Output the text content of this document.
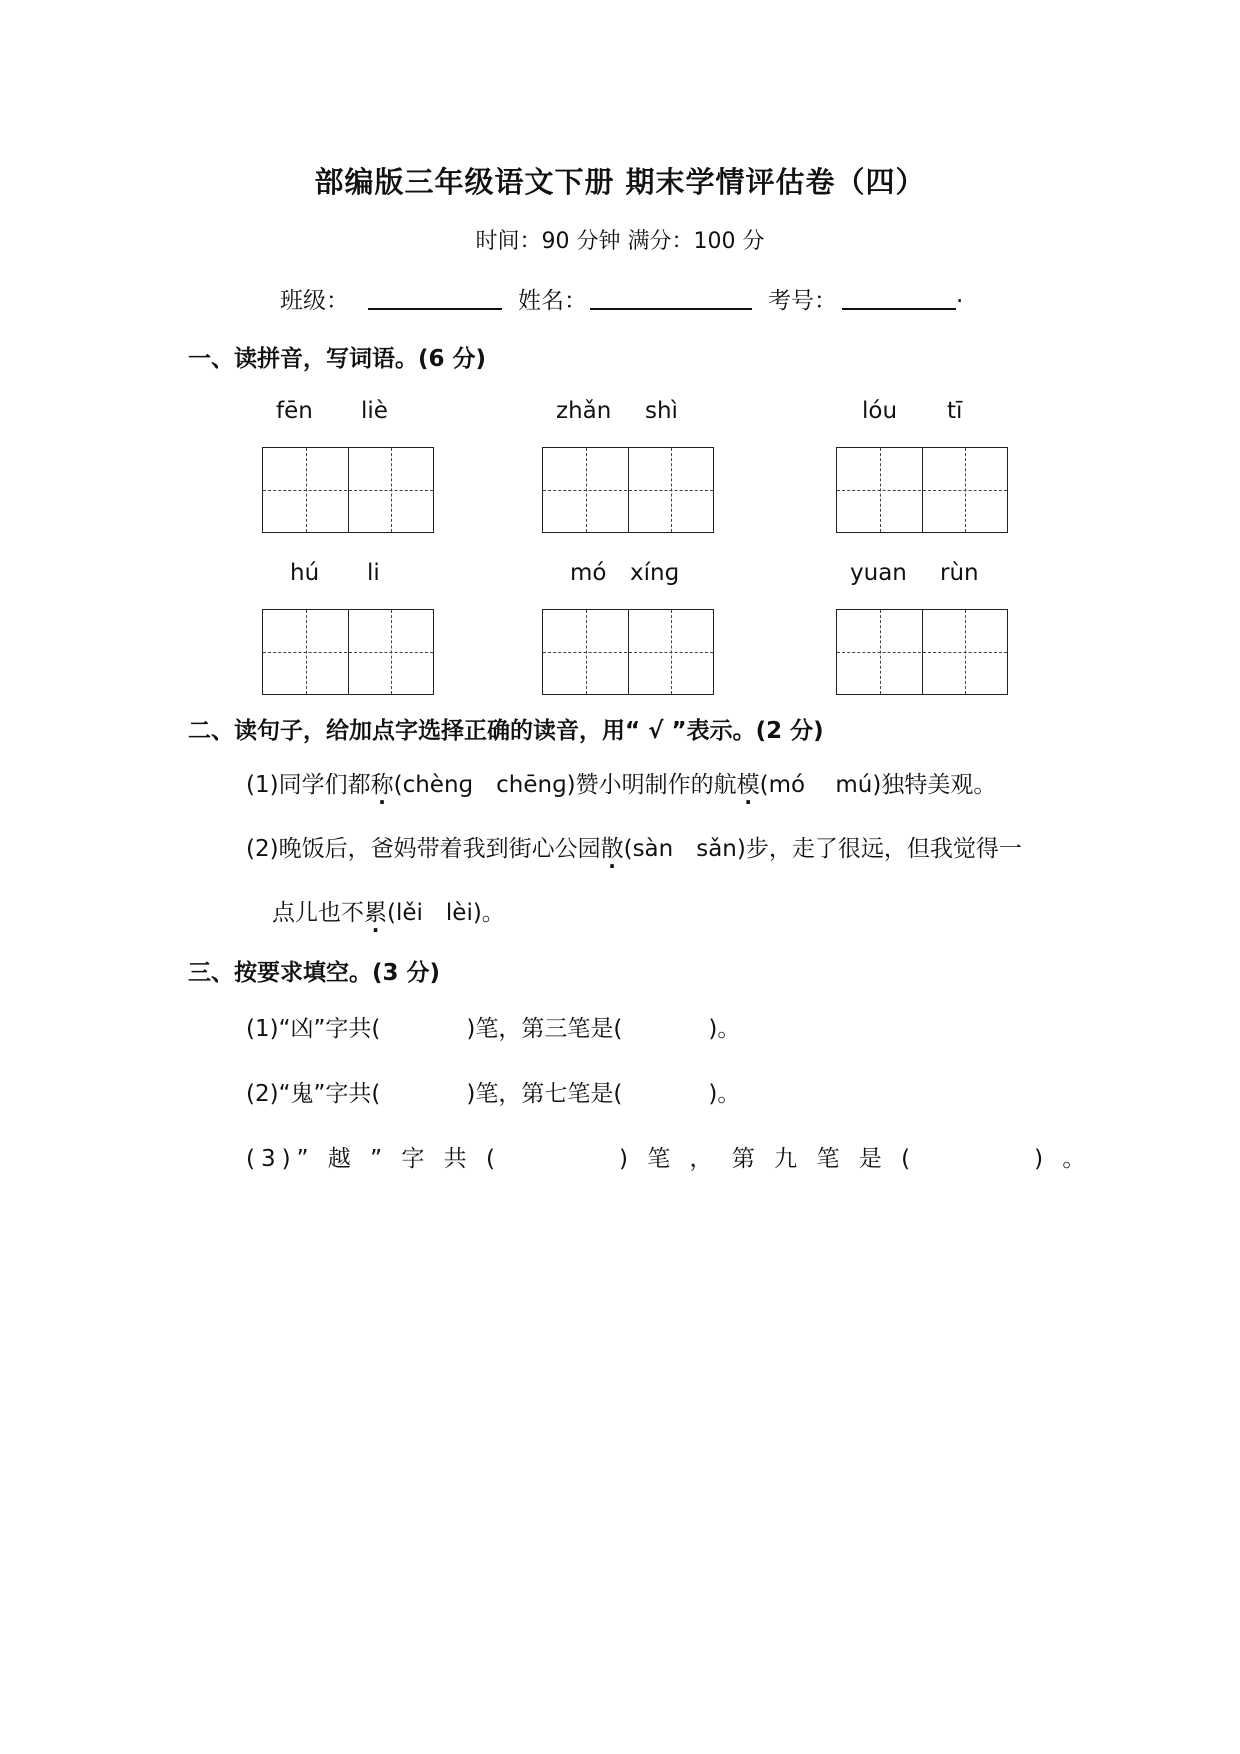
部编版三年级语文下册 期末学情评估卷（四）
时间：90 分钟 满分：100 分
班级：	姓名：	考号：	.
一、读拼音，写词语。(6 分)
fēn liè	zhǎn shì	lóu tī
hú li	mó xínɡ	yuan rùn
二、读句子，给加点字选择正确的读音，用“ √ ”表示。(2 分)
(1)同学们都称(chènɡ　chēnɡ)赞小明制作的航模(mó　 mú)独特美观。
(2)晚饭后，爸妈带着我到街心公园散(sàn　sǎn)步，走了很远，但我觉得一
点儿也不累(lěi　lèi)。
三、按要求填空。(3 分)
(1)“凶”字共(	)笔，第三笔是(	)。
(2)“鬼”字共(	)笔，第七笔是(	)。
(3)” 越 ” 字 共 (	) 笔 ， 第 九 笔 是 (	) 。
